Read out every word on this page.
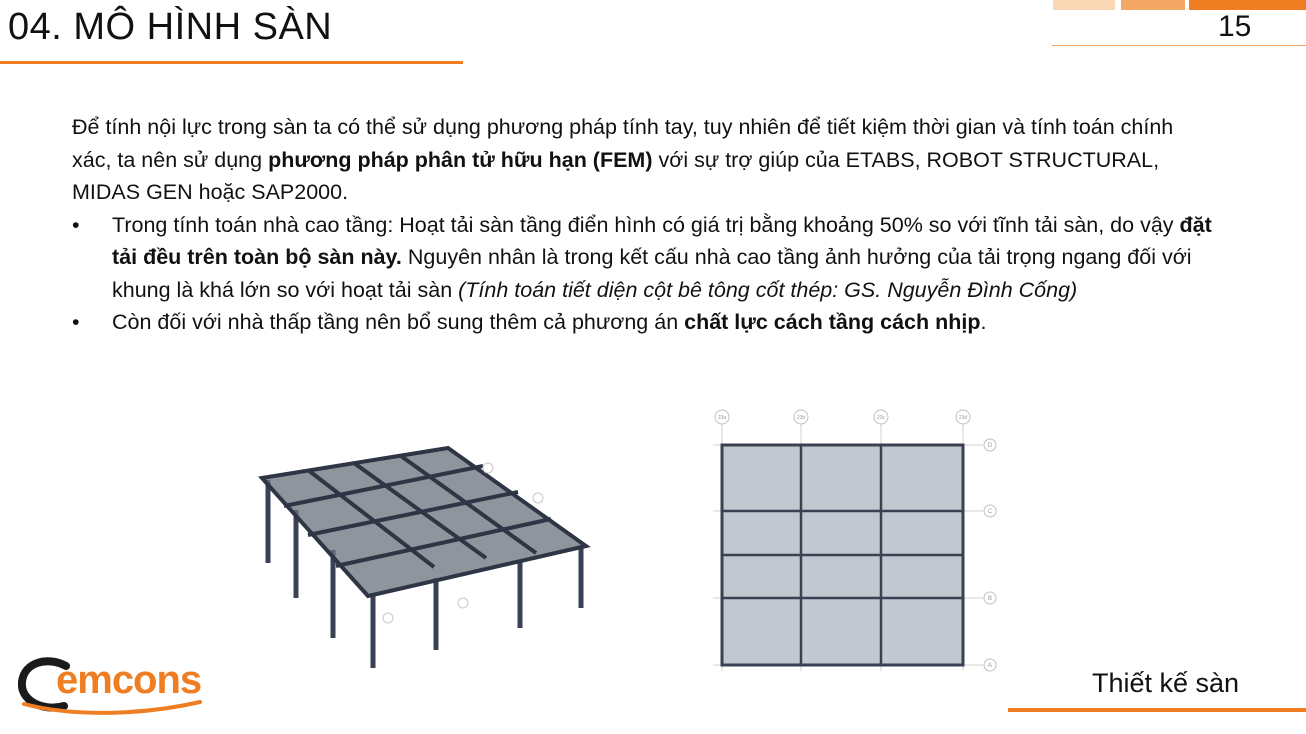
04. MÔ HÌNH SÀN	15

Để tính nội lực trong sàn ta có thể sử dụng phương pháp tính tay, tuy nhiên để tiết kiệm thời gian và tính toán chính xác, ta nên sử dụng phương pháp phân tử hữu hạn (FEM) với sự trợ giúp của ETABS, ROBOT STRUCTURAL, MIDAS GEN hoặc SAP2000.

•	Trong tính toán nhà cao tầng: Hoạt tải sàn tầng điển hình có giá trị bằng khoảng 50% so với tĩnh tải sàn, do vậy đặt tải đều trên toàn bộ sàn này. Nguyên nhân là trong kết cấu nhà cao tầng ảnh hưởng của tải trọng ngang đối với khung là khá lớn so với hoạt tải sàn (Tính toán tiết diện cột bê tông cốt thép: GS. Nguyễn Đình Cống)
•	Còn đối với nhà thấp tầng nên bổ sung thêm cả phương án chất lực cách tầng cách nhịp.
23a	23b	23c	23d
D
C
B
A
emcons	Thiết kế sàn
